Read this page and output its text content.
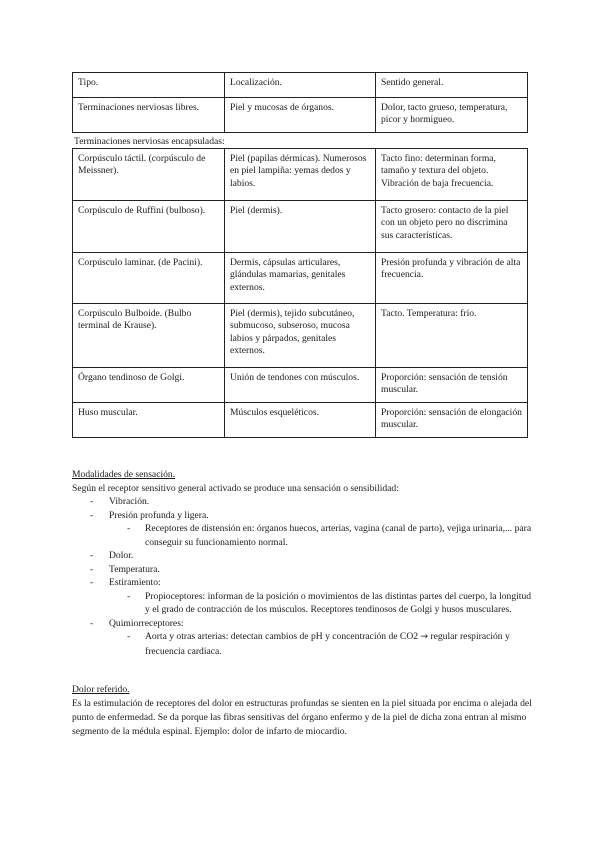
Tipo.	Localización.	Sentido general.
Terminaciones nerviosas libres.	Piel y mucosas de órganos.	Dolor, tacto grueso, temperatura, picor y hormigueo.
Terminaciones nerviosas encapsuladas:
Corpúsculo táctil. (corpúsculo de Meissner).	Piel (papilas dérmicas). Numerosos en piel lampiña: yemas dedos y labios.	Tacto fino: determinan forma, tamaño y textura del objeto. Vibración de baja frecuencia.
Corpúsculo de Ruffini (bulboso).	Piel (dermis).	Tacto grosero: contacto de la piel con un objeto pero no discrimina sus características.
Corpúsculo laminar. (de Pacini).	Dermis, cápsulas articulares, glándulas mamarias, genitales externos.	Presión profunda y vibración de alta frecuencia.
Corpúsculo Bulboide. (Bulbo terminal de Krause).	Piel (dermis), tejido subcutáneo, submucoso, subseroso, mucosa labios y párpados, genitales externos.	Tacto. Temperatura: frío.
Órgano tendinoso de Golgi.	Unión de tendones con músculos.	Proporción: sensación de tensión muscular.
Huso muscular.	Músculos esqueléticos.	Proporción: sensación de elongación muscular.
Modalidades de sensación.
Según el receptor sensitivo general activado se produce una sensación o sensibilidad:
- Vibración.
- Presión profunda y ligera.
- Receptores de distensión en: órganos huecos, arterias, vagina (canal de parto), vejiga urinaria,... para conseguir su funcionamiento normal.
- Dolor.
- Temperatura.
- Estiramiento:
- Propioceptores: informan de la posición o movimientos de las distintas partes del cuerpo, la longitud y el grado de contracción de los músculos. Receptores tendinosos de Golgi y husos musculares.
- Quimiorreceptores:
- Aorta y otras arterias: detectan cambios de pH y concentración de CO2 → regular respiración y frecuencia cardiaca.
Dolor referido.
Es la estimulación de receptores del dolor en estructuras profundas se sienten en la piel situada por encima o alejada del punto de enfermedad. Se da porque las fibras sensitivas del órgano enfermo y de la piel de dicha zona entran al mismo segmento de la médula espinal. Ejemplo: dolor de infarto de miocardio.
